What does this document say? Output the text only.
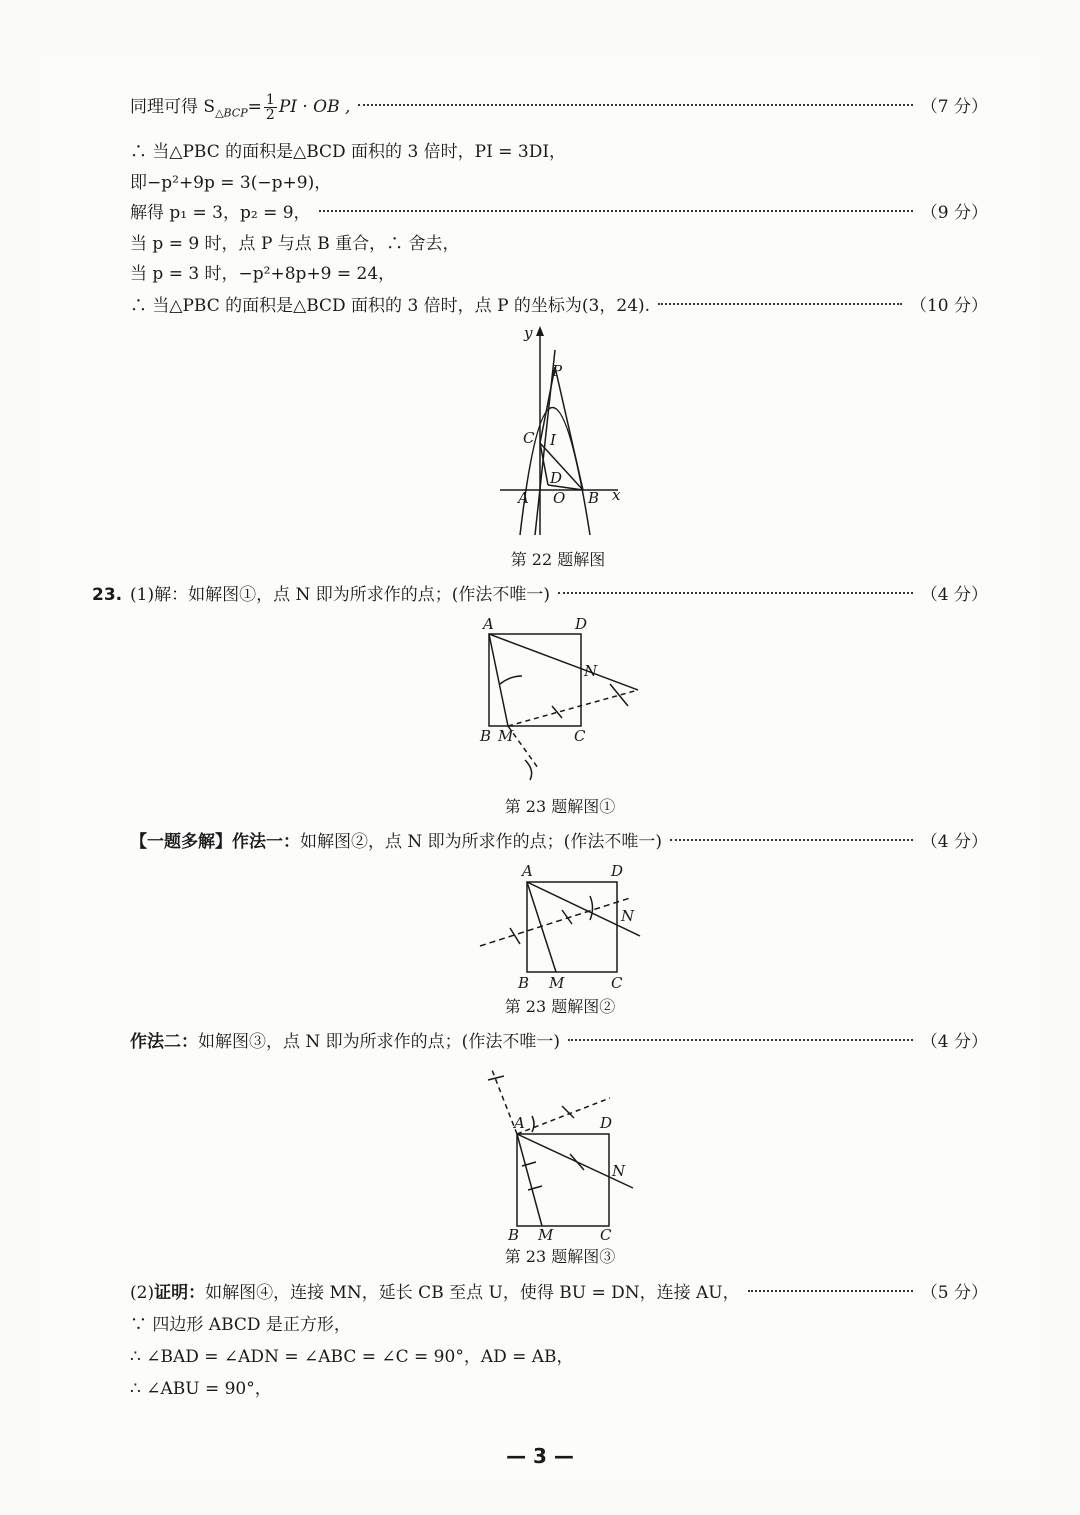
同理可得 $S_{\triangle BCP}= \frac{1}{2}$ PI · OB ,	（7 分）
∴ 当△PBC 的面积是△BCD 面积的 3 倍时，PI = 3DI，
即−p²+9p = 3(−p+9)，
解得 p₁ = 3，p₂ = 9，	（9 分）
当 p = 9 时，点 P 与点 B 重合，∴ 舍去，
当 p = 3 时，−p²+8p+9 = 24，
∴ 当△PBC 的面积是△BCD 面积的 3 倍时，点 P 的坐标为(3，24).	（10 分）
y
x
P
C I
D
A O B
第 22 题解图
23. (1)解：如解图①，点 N 即为所求作的点；(作法不唯一)	（4 分）
A	D
N
B M	C
第 23 题解图①
【一题多解】作法一：如解图②，点 N 即为所求作的点；(作法不唯一)	（4 分）
A	D
N
B M	C
第 23 题解图②
作法二：如解图③，点 N 即为所求作的点；(作法不唯一)	（4 分）
A	D
N
B M	C
第 23 题解图③
(2)证明：如解图④，连接 MN，延长 CB 至点 U，使得 BU = DN，连接 AU，	（5 分）
∵ 四边形 ABCD 是正方形，
∴ ∠BAD = ∠ADN = ∠ABC = ∠C = 90°，AD = AB，
∴ ∠ABU = 90°，
— 3 —
